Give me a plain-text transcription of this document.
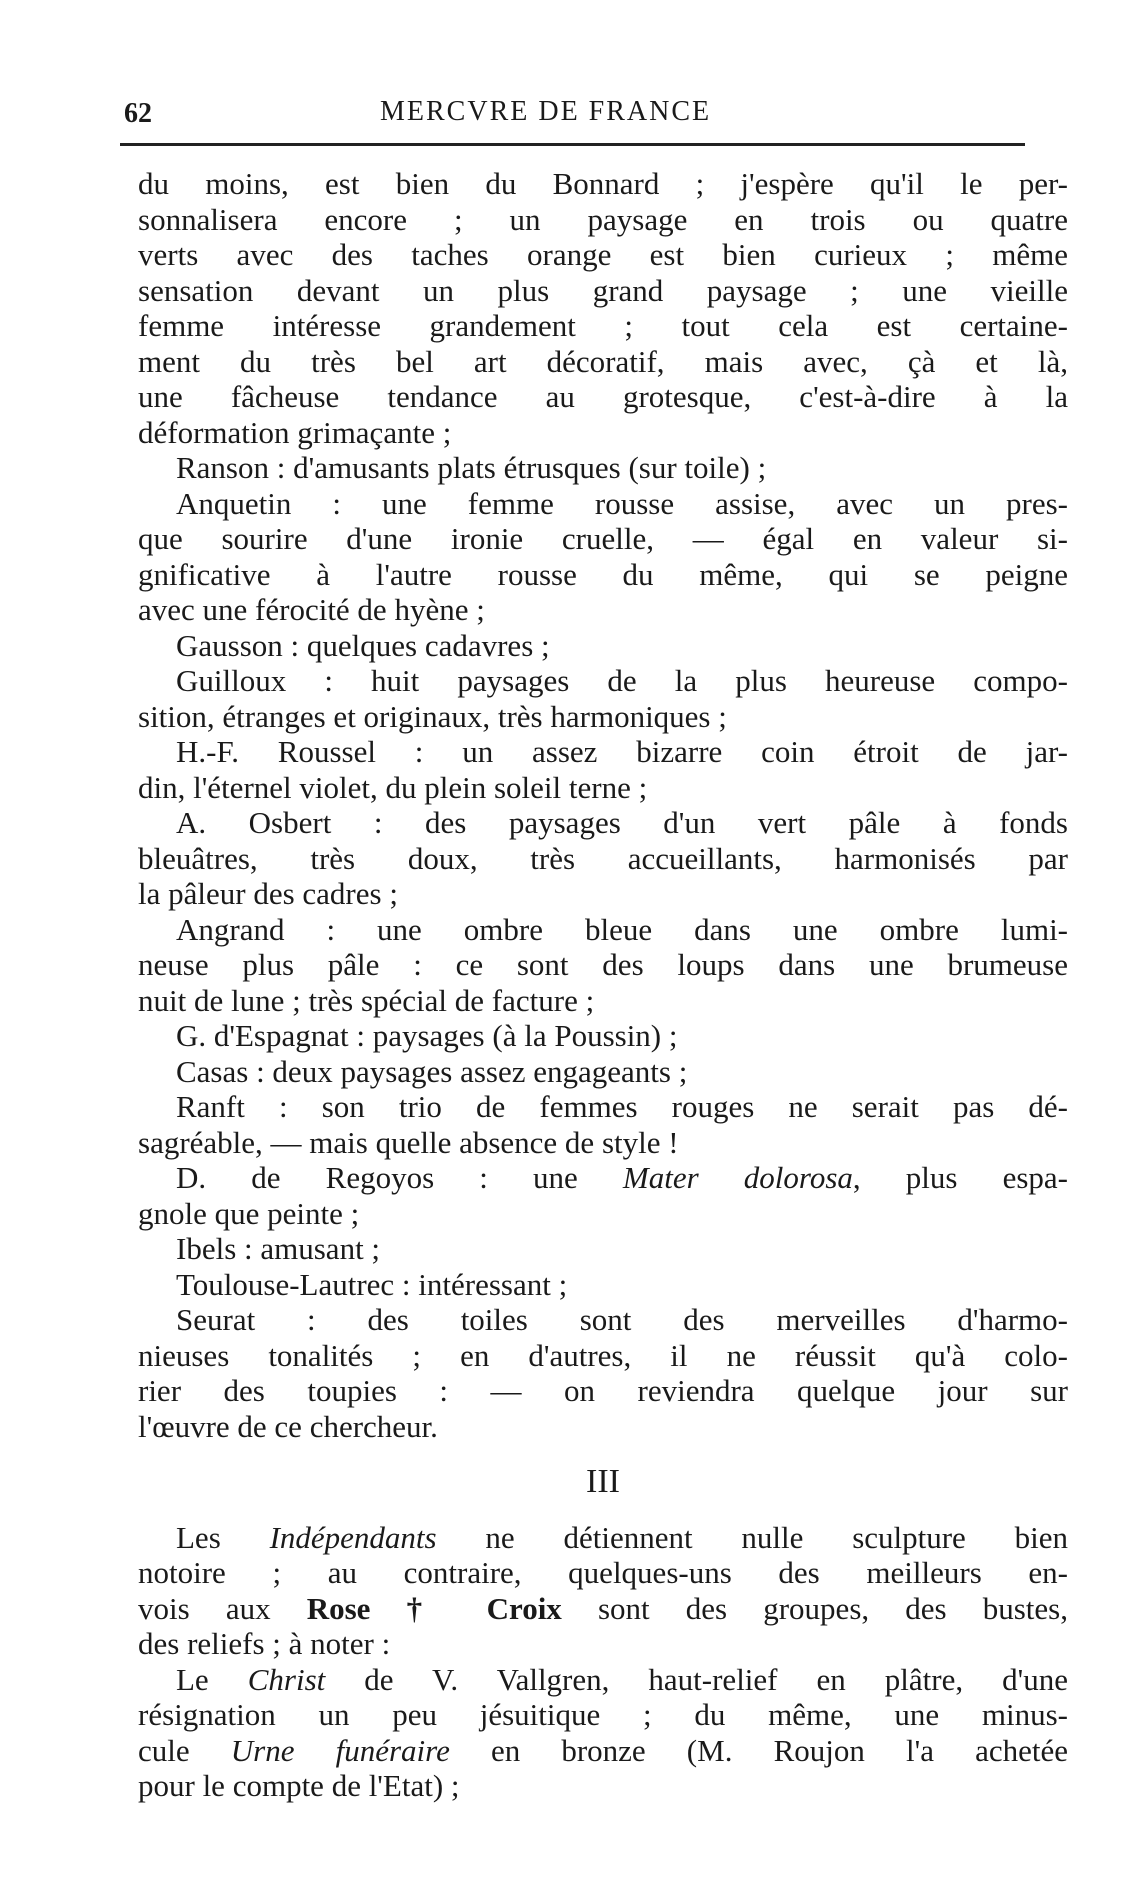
62	MERCVRE DE FRANCE
du moins, est bien du Bonnard ; j'espère qu'il le per-
sonnalisera encore ; un paysage en trois ou quatre
verts avec des taches orange est bien curieux ; même
sensation devant un plus grand paysage ; une vieille
femme intéresse grandement ; tout cela est certaine-
ment du très bel art décoratif, mais avec, çà et là,
une fâcheuse tendance au grotesque, c'est-à-dire à la
déformation grimaçante ;
Ranson : d'amusants plats étrusques (sur toile) ;
Anquetin : une femme rousse assise, avec un pres-
que sourire d'une ironie cruelle, — égal en valeur si-
gnificative à l'autre rousse du même, qui se peigne
avec une férocité de hyène ;
Gausson : quelques cadavres ;
Guilloux : huit paysages de la plus heureuse compo-
sition, étranges et originaux, très harmoniques ;
H.-F. Roussel : un assez bizarre coin étroit de jar-
din, l'éternel violet, du plein soleil terne ;
A. Osbert : des paysages d'un vert pâle à fonds
bleuâtres, très doux, très accueillants, harmonisés par
la pâleur des cadres ;
Angrand : une ombre bleue dans une ombre lumi-
neuse plus pâle : ce sont des loups dans une brumeuse
nuit de lune ; très spécial de facture ;
G. d'Espagnat : paysages (à la Poussin) ;
Casas : deux paysages assez engageants ;
Ranft : son trio de femmes rouges ne serait pas dé-
sagréable, — mais quelle absence de style !
D. de Regoyos : une Mater dolorosa, plus espa-
gnole que peinte ;
Ibels : amusant ;
Toulouse-Lautrec : intéressant ;
Seurat : des toiles sont des merveilles d'harmo-
nieuses tonalités ; en d'autres, il ne réussit qu'à colo-
rier des toupies : — on reviendra quelque jour sur
l'œuvre de ce chercheur.
III
Les Indépendants ne détiennent nulle sculpture bien
notoire ; au contraire, quelques-uns des meilleurs en-
vois aux Rose † Croix sont des groupes, des bustes,
des reliefs ; à noter :
Le Christ de V. Vallgren, haut-relief en plâtre, d'une
résignation un peu jésuitique ; du même, une minus-
cule Urne funéraire en bronze (M. Roujon l'a achetée
pour le compte de l'Etat) ;
